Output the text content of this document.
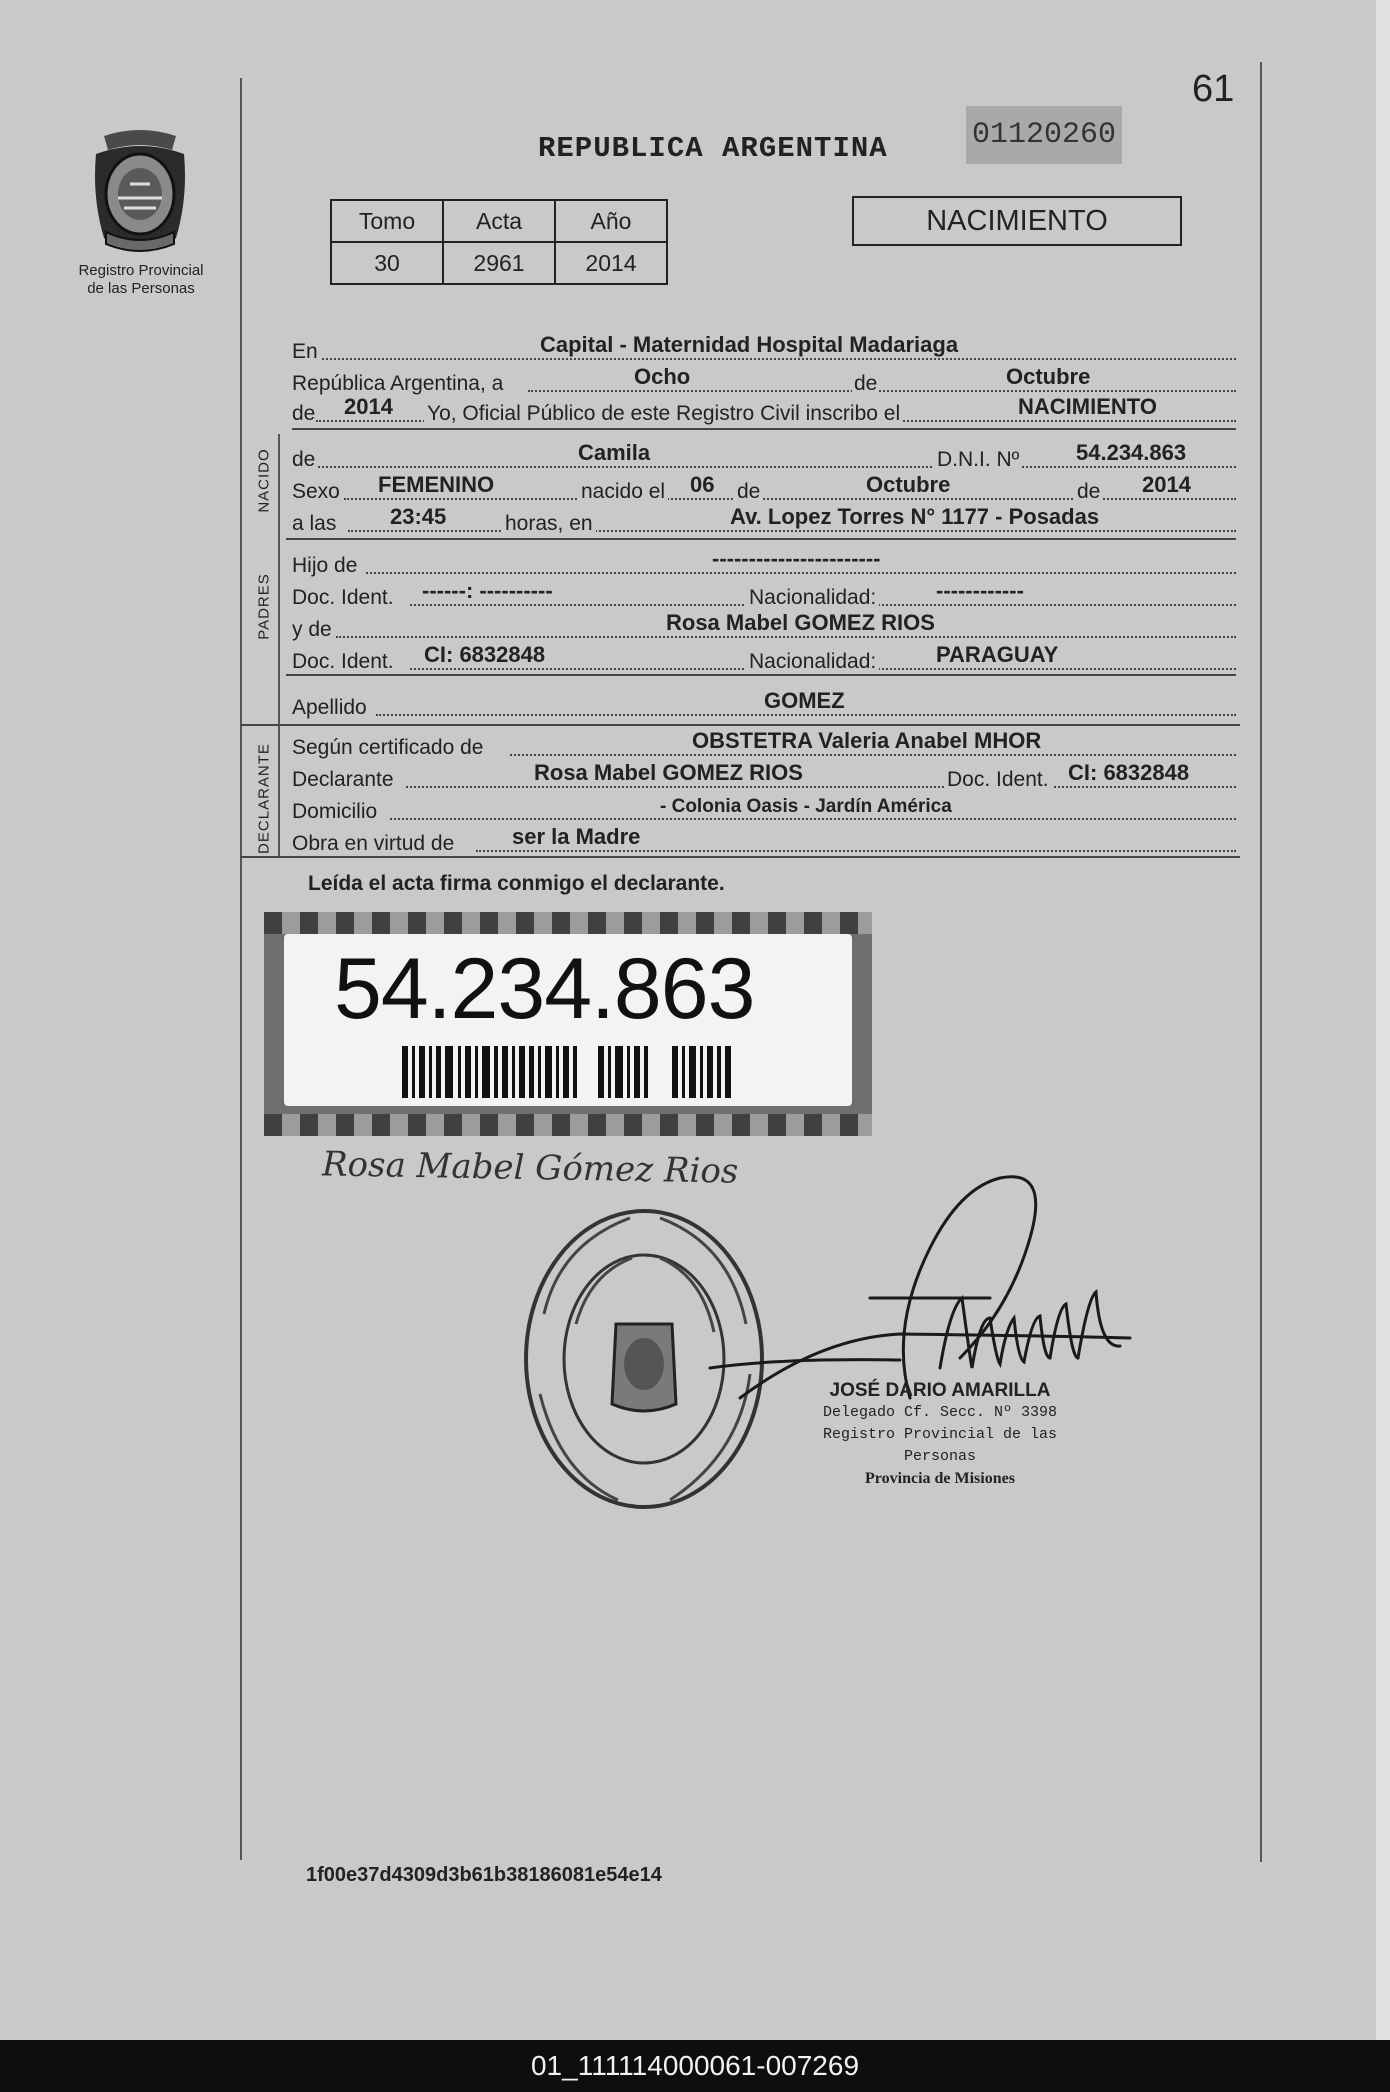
61
Registro Provincial
de las Personas
REPUBLICA ARGENTINA	01120260
NACIMIENTO
Tomo	Acta	Año
30	2961	2014
En	Capital - Maternidad Hospital Madariaga
República Argentina, a	Ocho	de	Octubre
de 2014 Yo, Oficial Público de este Registro Civil inscribo el	NACIMIENTO
NACIDO de	Camila	D.N.I. Nº	54.234.863
Sexo FEMENINO	nacido el 06 de	Octubre	de 2014
a las 23:45	horas, en	Av. Lopez Torres N° 1177 - Posadas
PADRES
Hijo de	-----------------------
Doc. Ident. ------: ----------	Nacionalidad:	------------
y de	Rosa Mabel GOMEZ RIOS
Doc. Ident. CI: 6832848	Nacionalidad:	PARAGUAY
Apellido	GOMEZ
DECLARANTE Según certificado de	OBSTETRA Valeria Anabel MHOR
Declarante	Rosa Mabel GOMEZ RIOS	Doc. Ident. CI: 6832848
Domicilio	- Colonia Oasis - Jardín América
Obra en virtud de	ser la Madre
Leída el acta firma conmigo el declarante.
54.234.863
Rosa Mabel Gómez Rios
JOSÉ DARIO AMARILLA
Delegado Cf. Secc. Nº 3398
Registro Provincial de las Personas
Provincia de Misiones
1f00e37d4309d3b61b38186081e54e14
01_111114000061-007269
